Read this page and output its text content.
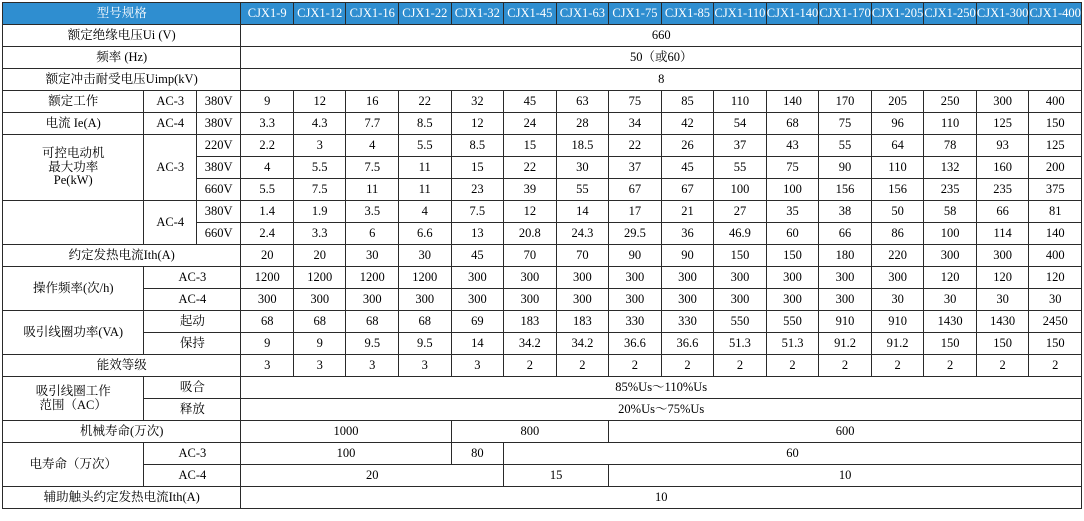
型号规格			CJX1-9	CJX1-12	CJX1-16	CJX1-22	CJX1-32	CJX1-45	CJX1-63	CJX1-75	CJX1-85	CJX1-110	CJX1-140	CJX1-170	CJX1-205	CJX1-250	CJX1-300	CJX1-400
额定绝缘电压Ui (V)			660															
频率 (Hz)			50（或60）															
额定冲击耐受电压Uimp(kV)			8															
额定工作	AC-3	380V	9	12	16	22	32	45	63	75	85	110	140	170	205	250	300	400
电流 Ie(A)	AC-4	380V	3.3	4.3	7.7	8.5	12	24	28	34	42	54	68	75	96	110	125	150

可控电动机
最大功率
Pe(kW)	AC-3	220V	2.2	3	4	5.5	8.5	15	18.5	22	26	37	43	55	64	78	93	125
		380V	4	5.5	7.5	11	15	22	30	37	45	55	75	90	110	132	160	200
		660V	5.5	7.5	11	11	23	39	55	67	67	100	100	156	156	235	235	375
	AC-4	380V	1.4	1.9	3.5	4	7.5	12	14	17	21	27	35	38	50	58	66	81
		660V	2.4	3.3	6	6.6	13	20.8	24.3	29.5	36	46.9	60	66	86	100	114	140
约定发热电流Ith(A)			20	20	30	30	45	70	70	90	90	150	150	180	220	300	300	400
操作频率(次/h)	AC-3		1200	1200	1200	1200	300	300	300	300	300	300	300	300	300	120	120	120
	AC-4		300	300	300	300	300	300	300	300	300	300	300	300	30	30	30	30
吸引线圈功率(VA)	起动		68	68	68	68	69	183	183	330	330	550	550	910	910	1430	1430	2450
	保持		9	9	9.5	9.5	14	34.2	34.2	36.6	36.6	51.3	51.3	91.2	91.2	150	150	150
能效等级			3	3	3	3	3	2	2	2	2	2	2	2	2	2	2	2

吸引线圈工作
范围（AC）	吸合		85%Us～110%Us															
	释放		20%Us～75%Us															
机械寿命(万次)			1000				800			600								
电寿命（万次）	AC-3		100				80	60										
	AC-4		20					15		10								
辅助触头约定发热电流Ith(A)			10															
